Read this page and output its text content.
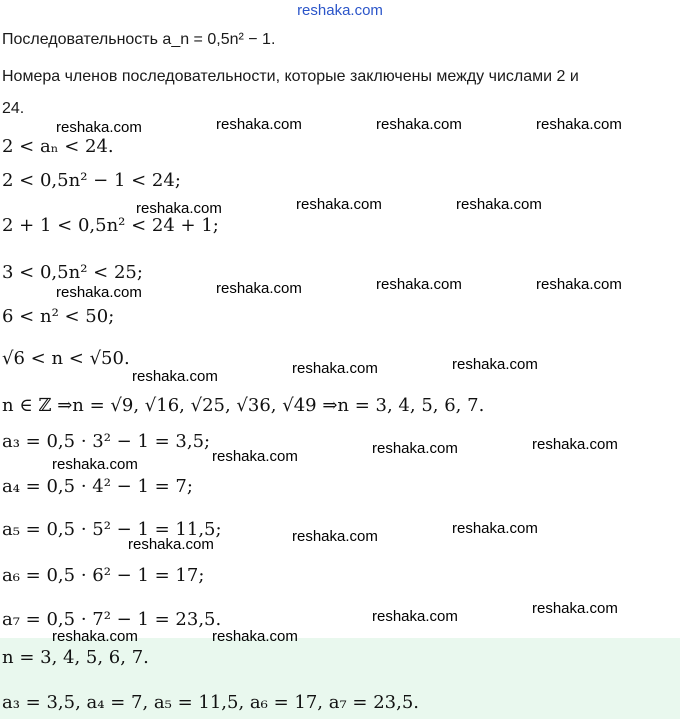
reshaka.com
Последовательность a_n = 0,5n² − 1.
Номера членов последовательности, которые заключены между числами 2 и
24.
2 < aₙ < 24.
2 < 0,5n² − 1 < 24;
2 + 1 < 0,5n² < 24 + 1;
3 < 0,5n² < 25;
6 < n² < 50;
√6 < n < √50.
n ∈ ℤ ⇒n = √9, √16, √25, √36, √49 ⇒n = 3, 4, 5, 6, 7.
a₃ = 0,5 · 3² − 1 = 3,5;
a₄ = 0,5 · 4² − 1 = 7;
a₅ = 0,5 · 5² − 1 = 11,5;
a₆ = 0,5 · 6² − 1 = 17;
a₇ = 0,5 · 7² − 1 = 23,5.
n = 3, 4, 5, 6, 7.
a₃ = 3,5, a₄ = 7, a₅ = 11,5, a₆ = 17, a₇ = 23,5.
reshaka.com	reshaka.com	reshaka.com	reshaka.com
reshaka.com	reshaka.com	reshaka.com
reshaka.com	reshaka.com	reshaka.com	reshaka.com
reshaka.com	reshaka.com	reshaka.com
reshaka.com	reshaka.com	reshaka.com	reshaka.com
reshaka.com	reshaka.com	reshaka.com
reshaka.com	reshaka.com
reshaka.com	reshaka.com
